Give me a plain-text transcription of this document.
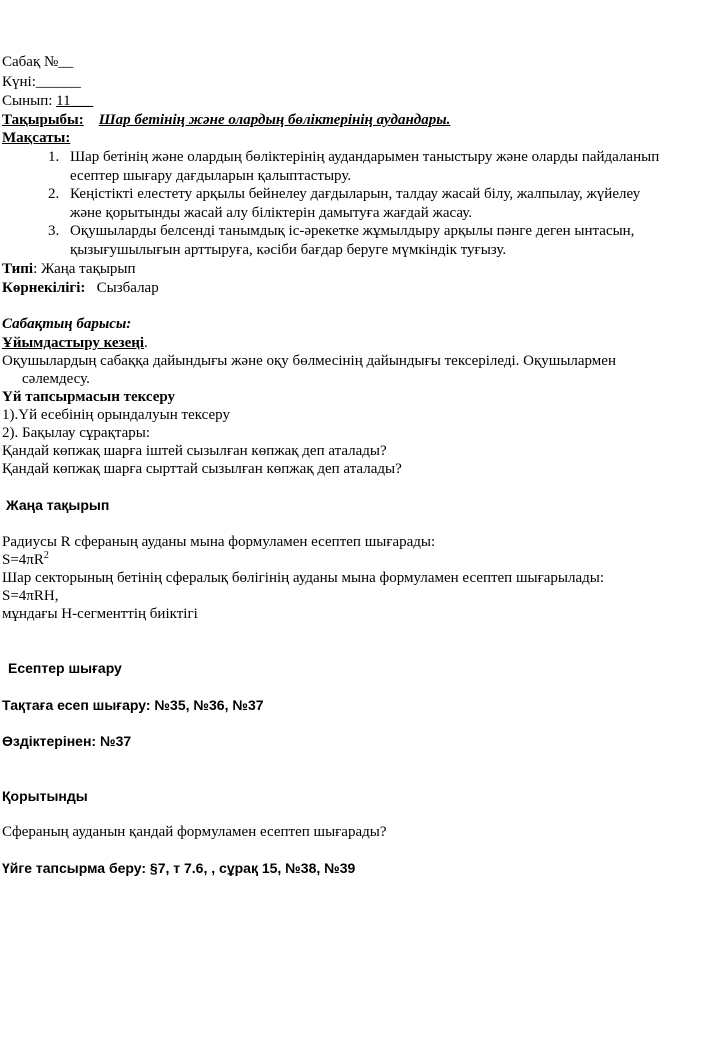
Сабақ №__
Күні:______
Сынып: 11___
Тақырыбы: Шар бетінің және олардың бөліктерінің аудандары.
Мақсаты:
1. Шар бетінің және олардың бөліктерінің аудандарымен таныстыру және оларды пайдаланып
есептер шығару дағдыларын қалыптастыру.
2. Кеңістікті елестету арқылы бейнелеу дағдыларын, талдау жасай білу, жалпылау, жүйелеу
және қорытынды жасай алу біліктерін дамытуға жағдай жасау.
3. Оқушыларды белсенді танымдық іс-әрекетке жұмылдыру арқылы пәнге деген ынтасын,
қызығушылығын арттыруға, кәсіби бағдар беруге мүмкіндік туғызу.
Типі: Жаңа тақырып
Көрнекілігі: Сызбалар
Сабақтың барысы:
Ұйымдастыру кезеңі.
Оқушылардың сабаққа дайындығы және оқу бөлмесінің дайындығы тексеріледі. Оқушылармен
сәлемдесу.
Үй тапсырмасын тексеру
1).Үй есебінің орындалуын тексеру
2). Бақылау сұрақтары:
Қандай көпжақ шарға іштей сызылған көпжақ деп аталады?
Қандай көпжақ шарға сырттай сызылған көпжақ деп аталады?
Жаңа тақырып
Радиусы R сфераның ауданы мына формуламен есептеп шығарады:
$S=4\pi R^2$
Шар секторының бетінің сфералық бөлігінің ауданы мына формуламен есептеп шығарылады:
S=4πRH,
мұндағы Н-сегменттің биіктігі
Есептер шығару
Тақтаға есеп шығару: №35, №36, №37
Өздіктерінен: №37
Қорытынды
Сфераның ауданын қандай формуламен есептеп шығарады?
Үйге тапсырма беру: §7, т 7.6, , сұрақ 15, №38, №39
